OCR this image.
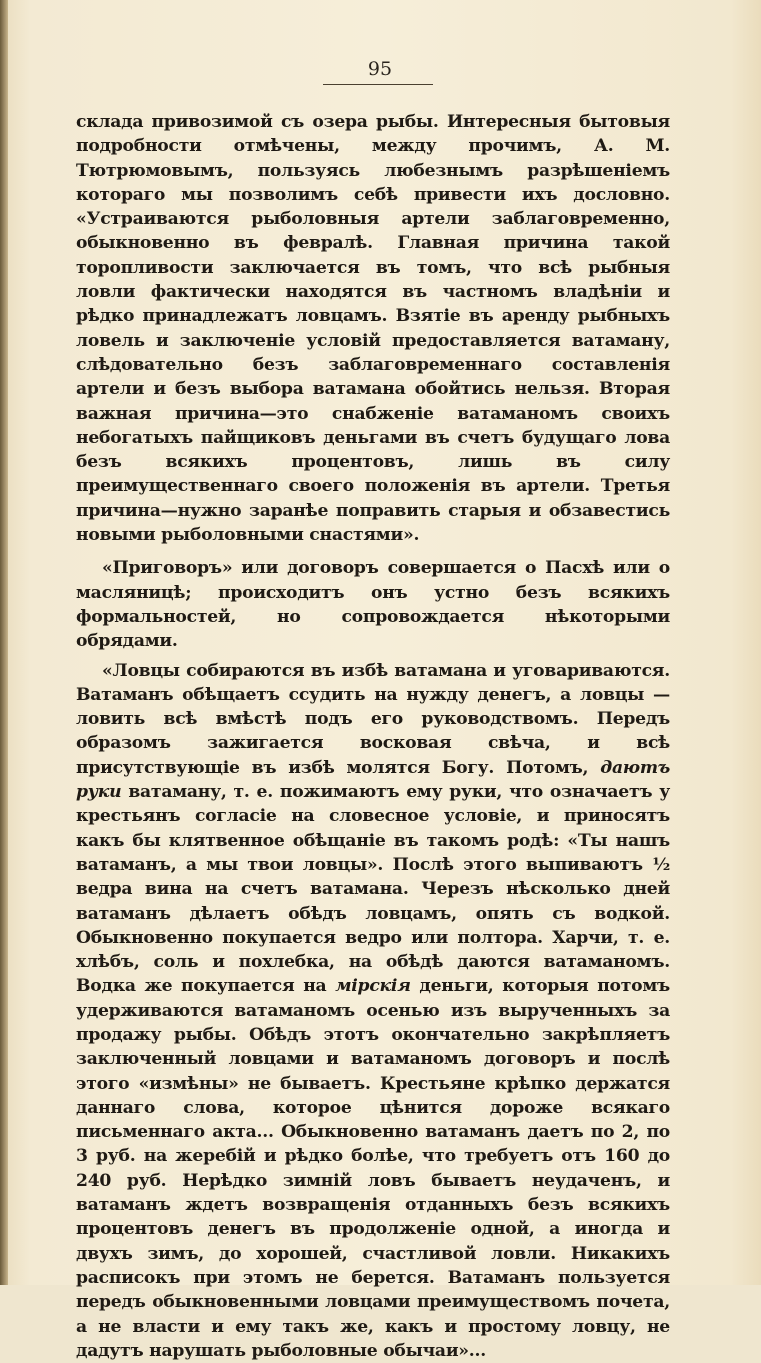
95

склада привозимой съ озера рыбы. Интересныя бытовыя подробности отмѣчены, между прочимъ, А. М. Тютрюмовымъ, пользуясь любезнымъ разрѣшеніемъ котораго мы позволимъ себѣ привести ихъ дословно. «Устраиваются рыболовныя артели заблаговременно, обыкновенно въ февралѣ. Главная причина такой торопливости заключается въ томъ, что всѣ рыбныя ловли фактически находятся въ частномъ владѣніи и рѣдко принадлежатъ ловцамъ. Взятіе въ аренду рыбныхъ ловель и заключеніе условій предоставляется ватаману, слѣдовательно безъ заблаговременнаго составленія артели и безъ выбора ватамана обойтись нельзя. Вторая важная причина—это снабженіе ватаманомъ своихъ небогатыхъ пайщиковъ деньгами въ счетъ будущаго лова безъ всякихъ процентовъ, лишь въ силу преимущественнаго своего положенія въ артели. Третья причина—нужно заранѣе поправить старыя и обзавестись новыми рыболовными снастями».

«Приговоръ» или договоръ совершается о Пасхѣ или о масляницѣ; происходитъ онъ устно безъ всякихъ формальностей, но сопровождается нѣкоторыми обрядами.

«Ловцы собираются въ избѣ ватамана и уговариваются. Ватаманъ обѣщаетъ ссудить на нужду денегъ, а ловцы — ловить всѣ вмѣстѣ подъ его руководствомъ. Передъ образомъ зажигается восковая свѣча, и всѣ присутствующіе въ избѣ молятся Богу. Потомъ, даютъ руки ватаману, т. е. пожимаютъ ему руки, что означаетъ у крестьянъ согласіе на словесное условіе, и приносятъ какъ бы клятвенное обѣщаніе въ такомъ родѣ: «Ты нашъ ватаманъ, а мы твои ловцы». Послѣ этого выпиваютъ ½ ведра вина на счетъ ватамана. Черезъ нѣсколько дней ватаманъ дѣлаетъ обѣдъ ловцамъ, опять съ водкой. Обыкновенно покупается ведро или полтора. Харчи, т. е. хлѣбъ, соль и похлебка, на обѣдѣ даются ватаманомъ. Водка же покупается на мірскія деньги, которыя потомъ удерживаются ватаманомъ осенью изъ вырученныхъ за продажу рыбы. Обѣдъ этотъ окончательно закрѣпляетъ заключенный ловцами и ватаманомъ договоръ и послѣ этого «измѣны» не бываетъ. Крестьяне крѣпко держатся даннаго слова, которое цѣнится дороже всякаго письменнаго акта... Обыкновенно ватаманъ даетъ по 2, по 3 руб. на жеребій и рѣдко болѣе, что требуетъ отъ 160 до 240 руб. Нерѣдко зимній ловъ бываетъ неудаченъ, и ватаманъ ждетъ возвращенія отданныхъ безъ всякихъ процентовъ денегъ въ продолженіе одной, а иногда и двухъ зимъ, до хорошей, счастливой ловли. Никакихъ расписокъ при этомъ не берется. Ватаманъ пользуется передъ обыкновенными ловцами преимуществомъ почета, а не власти и ему такъ же, какъ и простому ловцу, не дадутъ нарушать рыболовные обычаи»...
